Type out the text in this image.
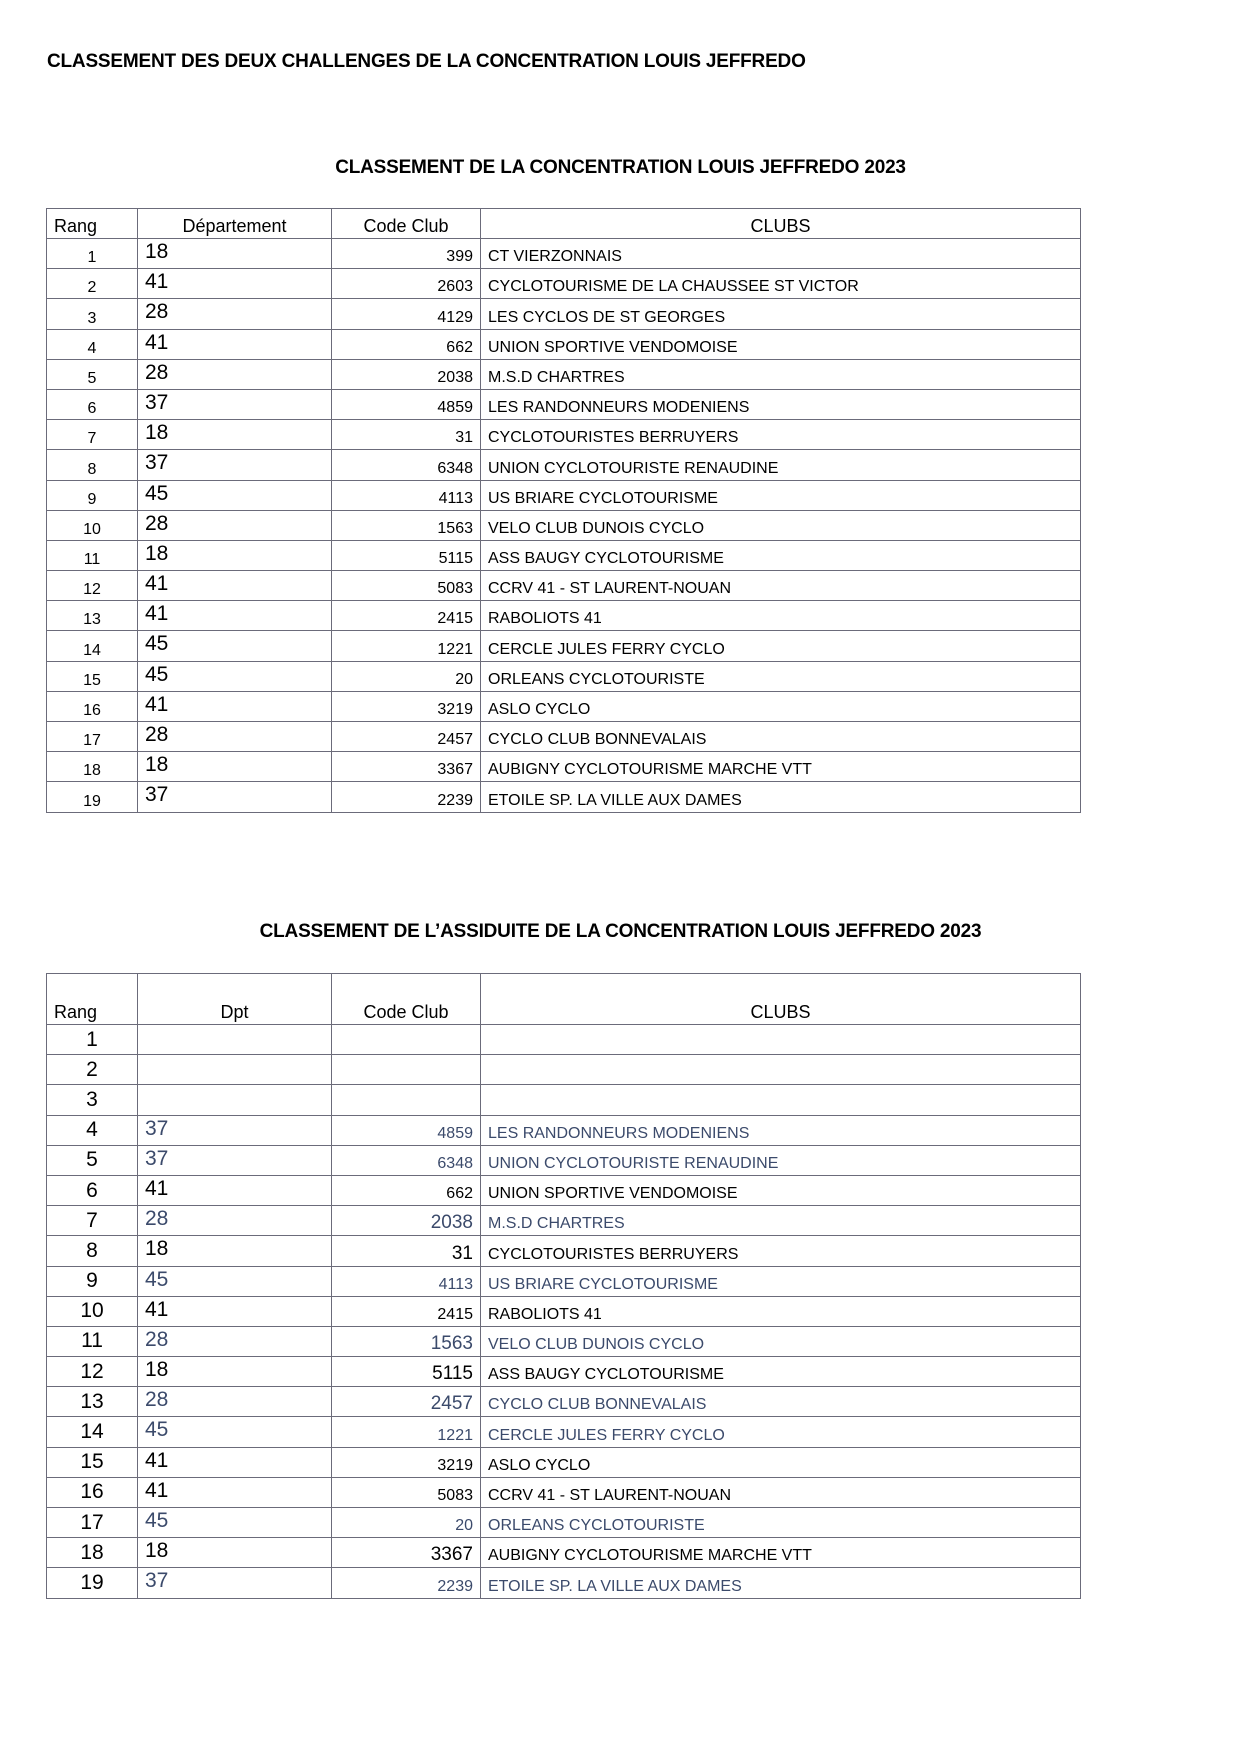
CLASSEMENT DES DEUX CHALLENGES DE LA CONCENTRATION LOUIS JEFFREDO
CLASSEMENT DE LA CONCENTRATION LOUIS JEFFREDO 2023
Rang	Département	Code Club	CLUBS
1	18	399	CT VIERZONNAIS
2	41	2603	CYCLOTOURISME DE LA CHAUSSEE ST VICTOR
3	28	4129	LES CYCLOS DE ST GEORGES
4	41	662	UNION SPORTIVE VENDOMOISE
5	28	2038	M.S.D CHARTRES
6	37	4859	LES RANDONNEURS MODENIENS
7	18	31	CYCLOTOURISTES BERRUYERS
8	37	6348	UNION CYCLOTOURISTE RENAUDINE
9	45	4113	US BRIARE CYCLOTOURISME
10	28	1563	VELO CLUB DUNOIS CYCLO
11	18	5115	ASS BAUGY CYCLOTOURISME
12	41	5083	CCRV 41 - ST LAURENT-NOUAN
13	41	2415	RABOLIOTS 41
14	45	1221	CERCLE JULES FERRY CYCLO
15	45	20	ORLEANS CYCLOTOURISTE
16	41	3219	ASLO CYCLO
17	28	2457	CYCLO CLUB BONNEVALAIS
18	18	3367	AUBIGNY CYCLOTOURISME MARCHE VTT
19	37	2239	ETOILE SP. LA VILLE AUX DAMES
CLASSEMENT DE L’ASSIDUITE DE LA CONCENTRATION LOUIS JEFFREDO 2023
Rang	Dpt	Code Club	CLUBS
1			
2			
3			
4	37	4859	LES RANDONNEURS MODENIENS
5	37	6348	UNION CYCLOTOURISTE RENAUDINE
6	41	662	UNION SPORTIVE VENDOMOISE
7	28	2038	M.S.D CHARTRES
8	18	31	CYCLOTOURISTES BERRUYERS
9	45	4113	US BRIARE CYCLOTOURISME
10	41	2415	RABOLIOTS 41
11	28	1563	VELO CLUB DUNOIS CYCLO
12	18	5115	ASS BAUGY CYCLOTOURISME
13	28	2457	CYCLO CLUB BONNEVALAIS
14	45	1221	CERCLE JULES FERRY CYCLO
15	41	3219	ASLO CYCLO
16	41	5083	CCRV 41 - ST LAURENT-NOUAN
17	45	20	ORLEANS CYCLOTOURISTE
18	18	3367	AUBIGNY CYCLOTOURISME MARCHE VTT
19	37	2239	ETOILE SP. LA VILLE AUX DAMES
